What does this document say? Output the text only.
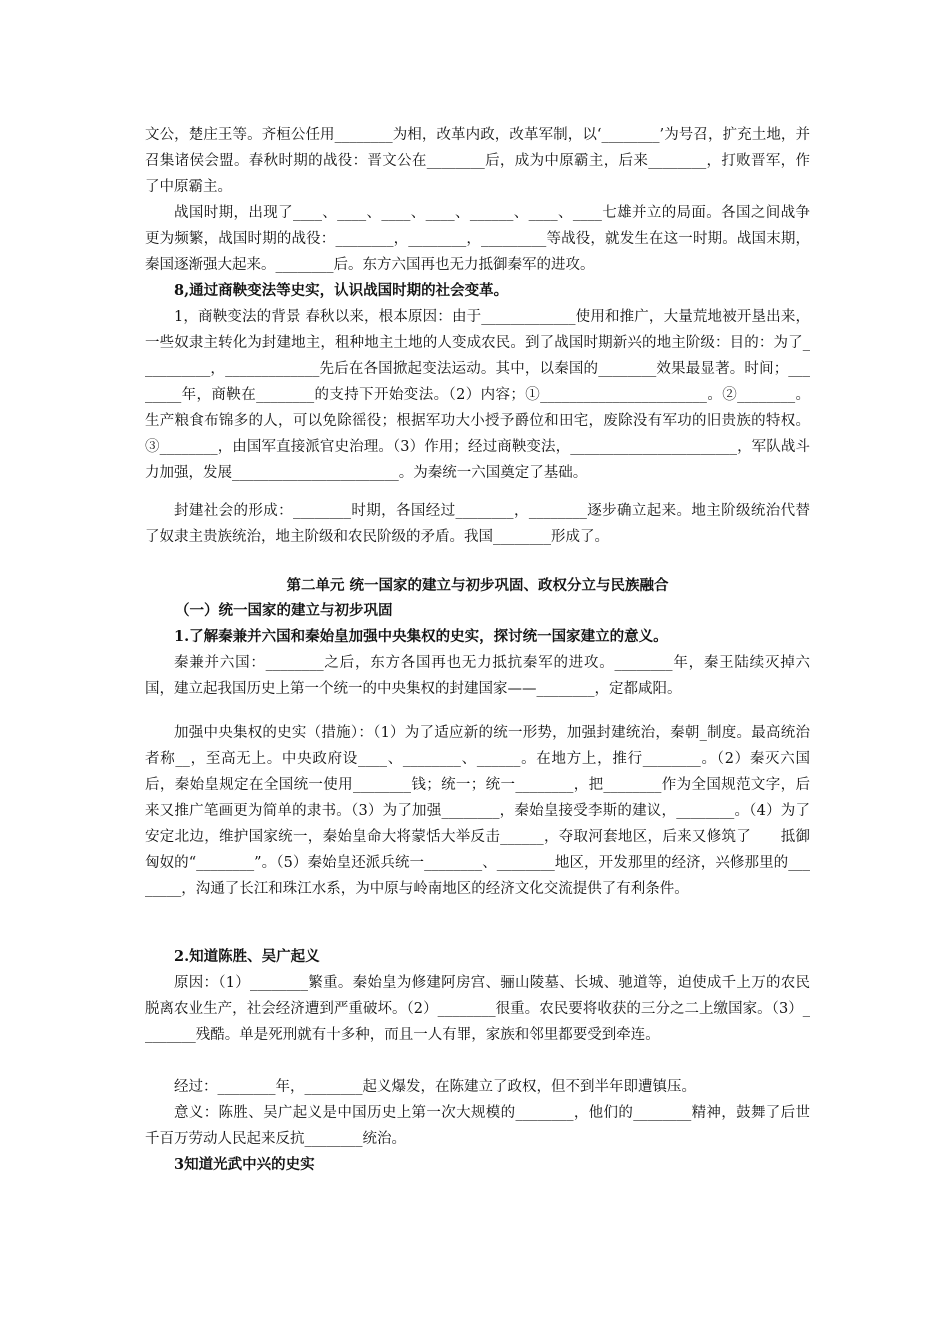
文公，楚庄王等。齐桓公任用________为相，改革内政，改革军制，以‘________’为号召，扩充土地，并召集诸侯会盟。春秋时期的战役：晋文公在________后，成为中原霸主，后来________，打败晋军，作了中原霸主。

战国时期，出现了____、____、____、____、______、____、____七雄并立的局面。各国之间战争更为频繁，战国时期的战役：________，________，_________等战役，就发生在这一时期。战国末期，秦国逐渐强大起来。________后。东方六国再也无力抵御秦军的进攻。

8,通过商鞅变法等史实，认识战国时期的社会变革。

1，商鞅变法的背景 春秋以来，根本原因：由于_____________使用和推广，大量荒地被开垦出来，一些奴隶主转化为封建地主，租种地主土地的人变成农民。到了战国时期新兴的地主阶级：目的：为了__________，_____________先后在各国掀起变法运动。其中，以秦国的________效果最显著。时间；________年，商鞅在________的支持下开始变法。（2）内容；①_______________________。②________。生产粮食布锦多的人，可以免除徭役；根据军功大小授予爵位和田宅，废除没有军功的旧贵族的特权。③________，由国军直接派官史治理。（3）作用；经过商鞅变法，_______________________，军队战斗力加强，发展_______________________。为秦统一六国奠定了基础。

封建社会的形成：________时期，各国经过________，________逐步确立起来。地主阶级统治代替了奴隶主贵族统治，地主阶级和农民阶级的矛盾。我国________形成了。

第二单元 统一国家的建立与初步巩固、政权分立与民族融合

（一）统一国家的建立与初步巩固

1.了解秦兼并六国和秦始皇加强中央集权的史实，探讨统一国家建立的意义。

秦兼并六国：________之后，东方各国再也无力抵抗秦军的进攻。________年，秦王陆续灭掉六国，建立起我国历史上第一个统一的中央集权的封建国家——________，定都咸阳。

加强中央集权的史实（措施）：（1）为了适应新的统一形势，加强封建统治，秦朝_制度。最高统治者称__，至高无上。中央政府设____、________、______。在地方上，推行________。（2）秦灭六国后，秦始皇规定在全国统一使用________钱；统一；统一________，把________作为全国规范文字，后来又推广笔画更为简单的隶书。（3）为了加强________，秦始皇接受李斯的建议，________。（4）为了安定北边，维护国家统一，秦始皇命大将蒙恬大举反击______，夺取河套地区，后来又修筑了　　抵御匈奴的“________”。（5）秦始皇还派兵统一________、________地区，开发那里的经济，兴修那里的________，沟通了长江和珠江水系，为中原与岭南地区的经济文化交流提供了有利条件。

2.知道陈胜、吴广起义

原因：（1）________繁重。秦始皇为修建阿房宫、骊山陵墓、长城、驰道等，迫使成千上万的农民脱离农业生产，社会经济遭到严重破坏。（2）________很重。农民要将收获的三分之二上缴国家。（3）________残酷。单是死刑就有十多种，而且一人有罪，家族和邻里都要受到牵连。

经过：________年，________起义爆发，在陈建立了政权，但不到半年即遭镇压。

意义：陈胜、吴广起义是中国历史上第一次大规模的________，他们的________精神，鼓舞了后世千百万劳动人民起来反抗________统治。

3知道光武中兴的史实
